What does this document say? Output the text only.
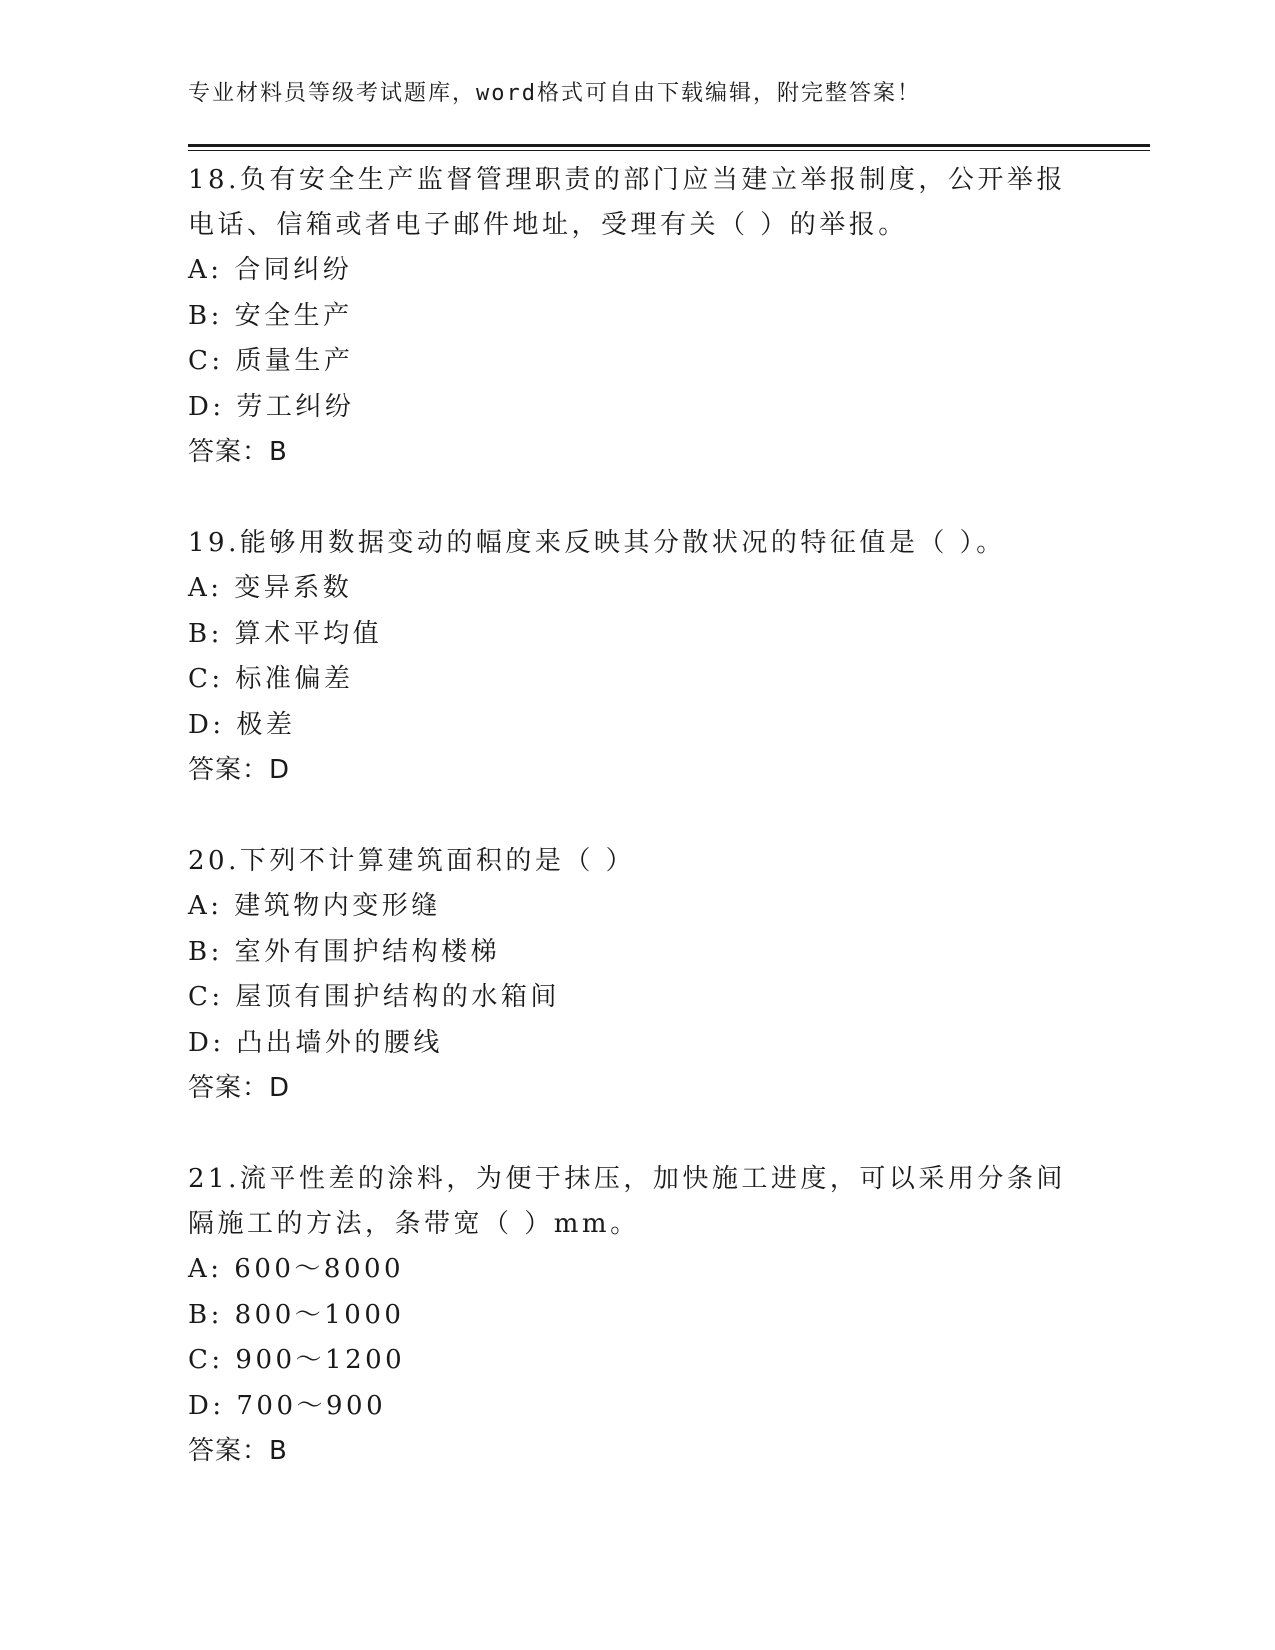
专业材料员等级考试题库，word格式可自由下载编辑，附完整答案！

18.负有安全生产监督管理职责的部门应当建立举报制度，公开举报电话、信箱或者电子邮件地址，受理有关（ ）的举报。

A: 合同纠纷

B: 安全生产

C: 质量生产

D: 劳工纠纷

答案：B

19.能够用数据变动的幅度来反映其分散状况的特征值是（ ）。

A: 变异系数

B: 算术平均值

C: 标准偏差

D: 极差

答案：D

20.下列不计算建筑面积的是（ ）

A: 建筑物内变形缝

B: 室外有围护结构楼梯

C: 屋顶有围护结构的水箱间

D: 凸出墙外的腰线

答案：D

21.流平性差的涂料，为便于抹压，加快施工进度，可以采用分条间隔施工的方法，条带宽（ ）mm。

A: 600～8000

B: 800～1000

C: 900～1200

D: 700～900

答案：B
